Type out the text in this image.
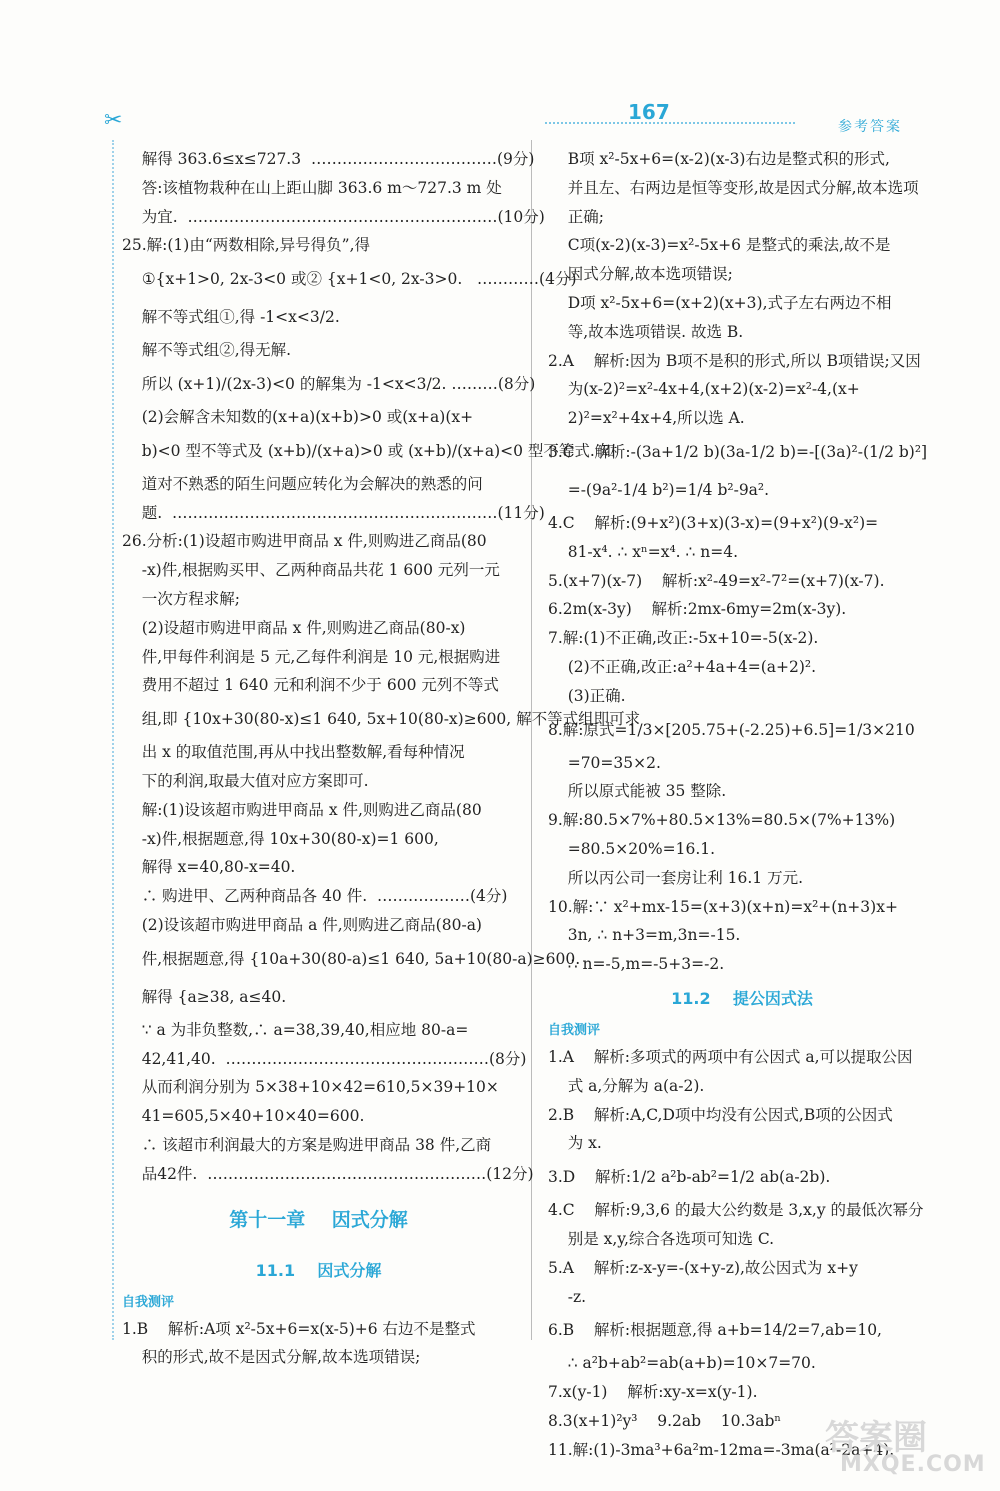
✂	167
参考答案
解得 363.6≤x≤727.3  ………………………………(9分)
答:该植物栽种在山上距山脚 363.6 m～727.3 m 处
为宜.  ……………………………………………………(10分)
25.解:(1)由“两数相除,异号得负”,得
①{x+1>0, 2x-3<0 或② {x+1<0, 2x-3>0.   …………(4分)
解不等式组①,得 -1<x<3/2.
解不等式组②,得无解.
所以 (x+1)/(2x-3)<0 的解集为 -1<x<3/2. ………(8分)
(2)会解含未知数的(x+a)(x+b)>0 或(x+a)(x+
b)<0 型不等式及 (x+b)/(x+a)>0 或 (x+b)/(x+a)<0 型不等式. 知
道对不熟悉的陌生问题应转化为会解决的熟悉的问
题.  ………………………………………………………(11分)
26.分析:(1)设超市购进甲商品 x 件,则购进乙商品(80
-x)件,根据购买甲、乙两种商品共花 1 600 元列一元
一次方程求解;
(2)设超市购进甲商品 x 件,则购进乙商品(80-x)
件,甲每件利润是 5 元,乙每件利润是 10 元,根据购进
费用不超过 1 640 元和利润不少于 600 元列不等式
组,即 {10x+30(80-x)≤1 640, 5x+10(80-x)≥600, 解不等式组即可求
出 x 的取值范围,再从中找出整数解,看每种情况
下的利润,取最大值对应方案即可.
解:(1)设该超市购进甲商品 x 件,则购进乙商品(80
-x)件,根据题意,得 10x+30(80-x)=1 600,
解得 x=40,80-x=40.
∴ 购进甲、乙两种商品各 40 件.  ………………(4分)
(2)设该超市购进甲商品 a 件,则购进乙商品(80-a)
件,根据题意,得 {10a+30(80-a)≤1 640, 5a+10(80-a)≥600.
解得 {a≥38, a≤40.
∵ a 为非负整数,∴ a=38,39,40,相应地 80-a=
42,41,40.  ……………………………………………(8分)
从而利润分别为 5×38+10×42=610,5×39+10×
41=605,5×40+10×40=600.
∴ 该超市利润最大的方案是购进甲商品 38 件,乙商
品42件.  ………………………………………………(12分)
第十一章    因式分解
11.1    因式分解
自我测评
1.B    解析:A项 x²-5x+6=x(x-5)+6 右边不是整式
积的形式,故不是因式分解,故本选项错误;
B项 x²-5x+6=(x-2)(x-3)右边是整式积的形式,
并且左、右两边是恒等变形,故是因式分解,故本选项
正确;
C项(x-2)(x-3)=x²-5x+6 是整式的乘法,故不是
因式分解,故本选项错误;
D项 x²-5x+6=(x+2)(x+3),式子左右两边不相
等,故本选项错误. 故选 B.
2.A    解析:因为 B项不是积的形式,所以 B项错误;又因
为(x-2)²=x²-4x+4,(x+2)(x-2)=x²-4,(x+
2)²=x²+4x+4,所以选 A.
3.C    解析:-(3a+1/2 b)(3a-1/2 b)=-[(3a)²-(1/2 b)²]
=-(9a²-1/4 b²)=1/4 b²-9a².
4.C    解析:(9+x²)(3+x)(3-x)=(9+x²)(9-x²)=
81-x⁴. ∴ xⁿ=x⁴. ∴ n=4.
5.(x+7)(x-7)    解析:x²-49=x²-7²=(x+7)(x-7).
6.2m(x-3y)    解析:2mx-6my=2m(x-3y).
7.解:(1)不正确,改正:-5x+10=-5(x-2).
(2)不正确,改正:a²+4a+4=(a+2)².
(3)正确.
8.解:原式=1/3×[205.75+(-2.25)+6.5]=1/3×210
=70=35×2.
所以原式能被 35 整除.
9.解:80.5×7%+80.5×13%=80.5×(7%+13%)
=80.5×20%=16.1.
所以丙公司一套房让利 16.1 万元.
10.解:∵ x²+mx-15=(x+3)(x+n)=x²+(n+3)x+
3n, ∴ n+3=m,3n=-15.
∴ n=-5,m=-5+3=-2.
11.2    提公因式法
自我测评
1.A    解析:多项式的两项中有公因式 a,可以提取公因
式 a,分解为 a(a-2).
2.B    解析:A,C,D项中均没有公因式,B项的公因式
为 x.
3.D    解析:1/2 a²b-ab²=1/2 ab(a-2b).
4.C    解析:9,3,6 的最大公约数是 3,x,y 的最低次幂分
别是 x,y,综合各选项可知选 C.
5.A    解析:z-x-y=-(x+y-z),故公因式为 x+y
-z.
6.B    解析:根据题意,得 a+b=14/2=7,ab=10,
∴ a²b+ab²=ab(a+b)=10×7=70.
7.x(y-1)    解析:xy-x=x(y-1).
8.3(x+1)²y³    9.2ab    10.3abⁿ
11.解:(1)-3ma³+6a²m-12ma=-3ma(a²-2a+4).
答案圈
MXQE.COM
